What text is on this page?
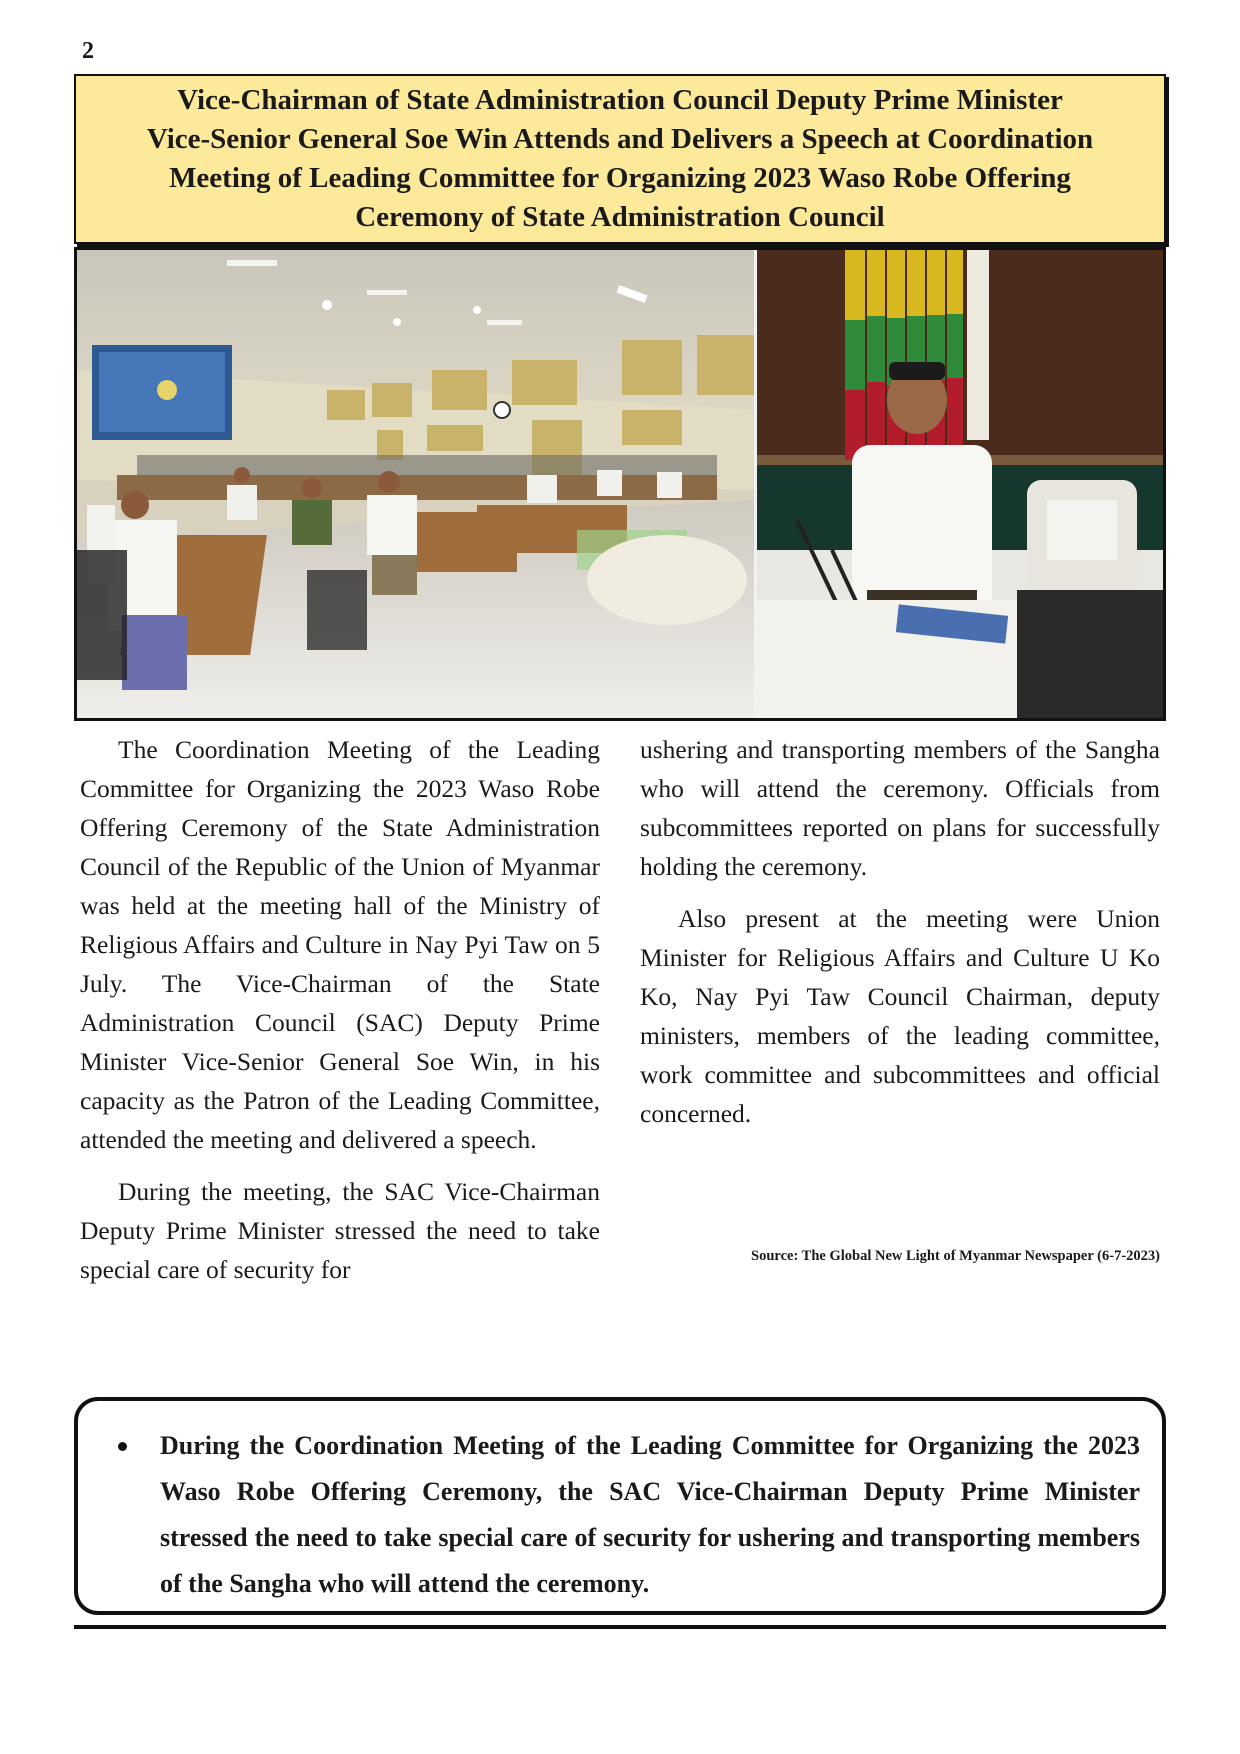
2
Vice-Chairman of State Administration Council Deputy Prime Minister
Vice-Senior General Soe Win Attends and Delivers a Speech at Coordination
Meeting of Leading Committee for Organizing 2023 Waso Robe Offering
Ceremony of State Administration Council

The Coordination Meeting of the Leading Committee for Organizing the 2023 Waso Robe Offering Ceremony of the State Administration Council of the Republic of the Union of Myanmar was held at the meeting hall of the Ministry of Religious Affairs and Culture in Nay Pyi Taw on 5 July. The Vice-Chairman of the State Administration Council (SAC) Deputy Prime Minister Vice-Senior General Soe Win, in his capacity as the Patron of the Leading Committee, attended the meeting and delivered a speech.

During the meeting, the SAC Vice-Chairman Deputy Prime Minister stressed the need to take special care of security for

ushering and transporting members of the Sangha who will attend the ceremony. Officials from subcommittees reported on plans for successfully holding the ceremony.

Also present at the meeting were Union Minister for Religious Affairs and Culture U Ko Ko, Nay Pyi Taw Council Chairman, deputy ministers, members of the leading committee, work committee and subcommittees and official concerned.

Source: The Global New Light of Myanmar Newspaper (6-7-2023)
During the Coordination Meeting of the Leading Committee for Organizing the 2023 Waso Robe Offering Ceremony, the SAC Vice-Chairman Deputy Prime Minister stressed the need to take special care of security for ushering and transporting members of the Sangha who will attend the ceremony.
